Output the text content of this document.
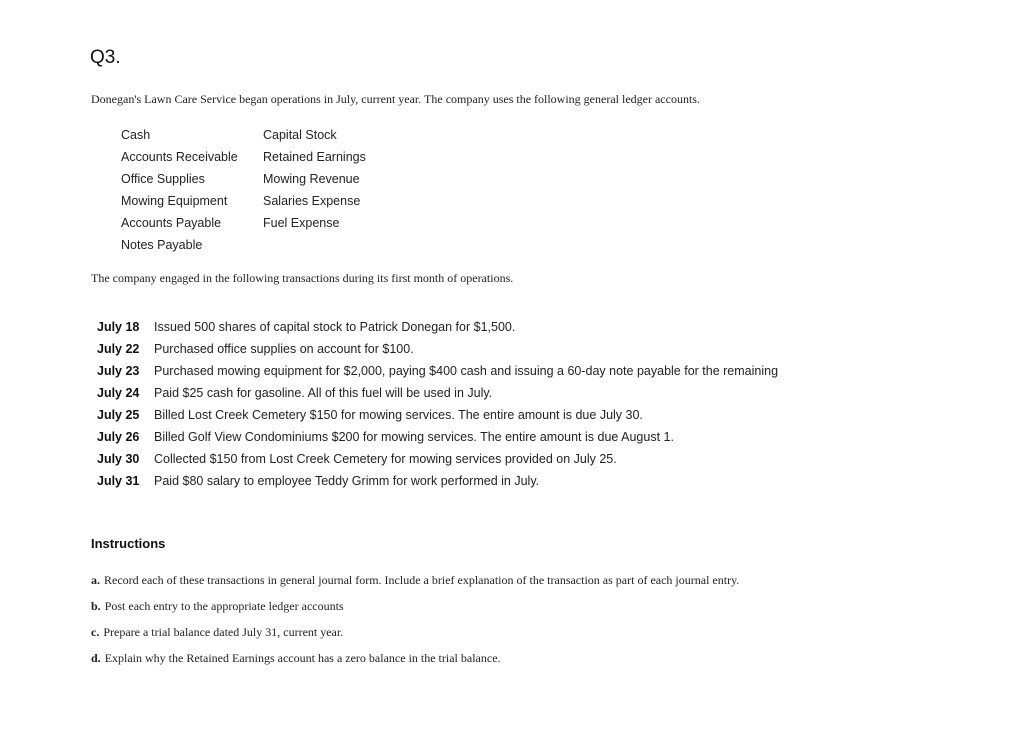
Q3.
Donegan's Lawn Care Service began operations in July, current year. The company uses the following general ledger accounts.
Cash	Capital Stock
Accounts Receivable	Retained Earnings
Office Supplies	Mowing Revenue
Mowing Equipment	Salaries Expense
Accounts Payable	Fuel Expense
Notes Payable
The company engaged in the following transactions during its first month of operations.
July 18	Issued 500 shares of capital stock to Patrick Donegan for $1,500.
July 22	Purchased office supplies on account for $100.
July 23	Purchased mowing equipment for $2,000, paying $400 cash and issuing a 60-day note payable for the remaining
July 24	Paid $25 cash for gasoline. All of this fuel will be used in July.
July 25	Billed Lost Creek Cemetery $150 for mowing services. The entire amount is due July 30.
July 26	Billed Golf View Condominiums $200 for mowing services. The entire amount is due August 1.
July 30	Collected $150 from Lost Creek Cemetery for mowing services provided on July 25.
July 31	Paid $80 salary to employee Teddy Grimm for work performed in July.
Instructions
a. Record each of these transactions in general journal form. Include a brief explanation of the transaction as part of each journal entry.
b. Post each entry to the appropriate ledger accounts
c. Prepare a trial balance dated July 31, current year.
d. Explain why the Retained Earnings account has a zero balance in the trial balance.
